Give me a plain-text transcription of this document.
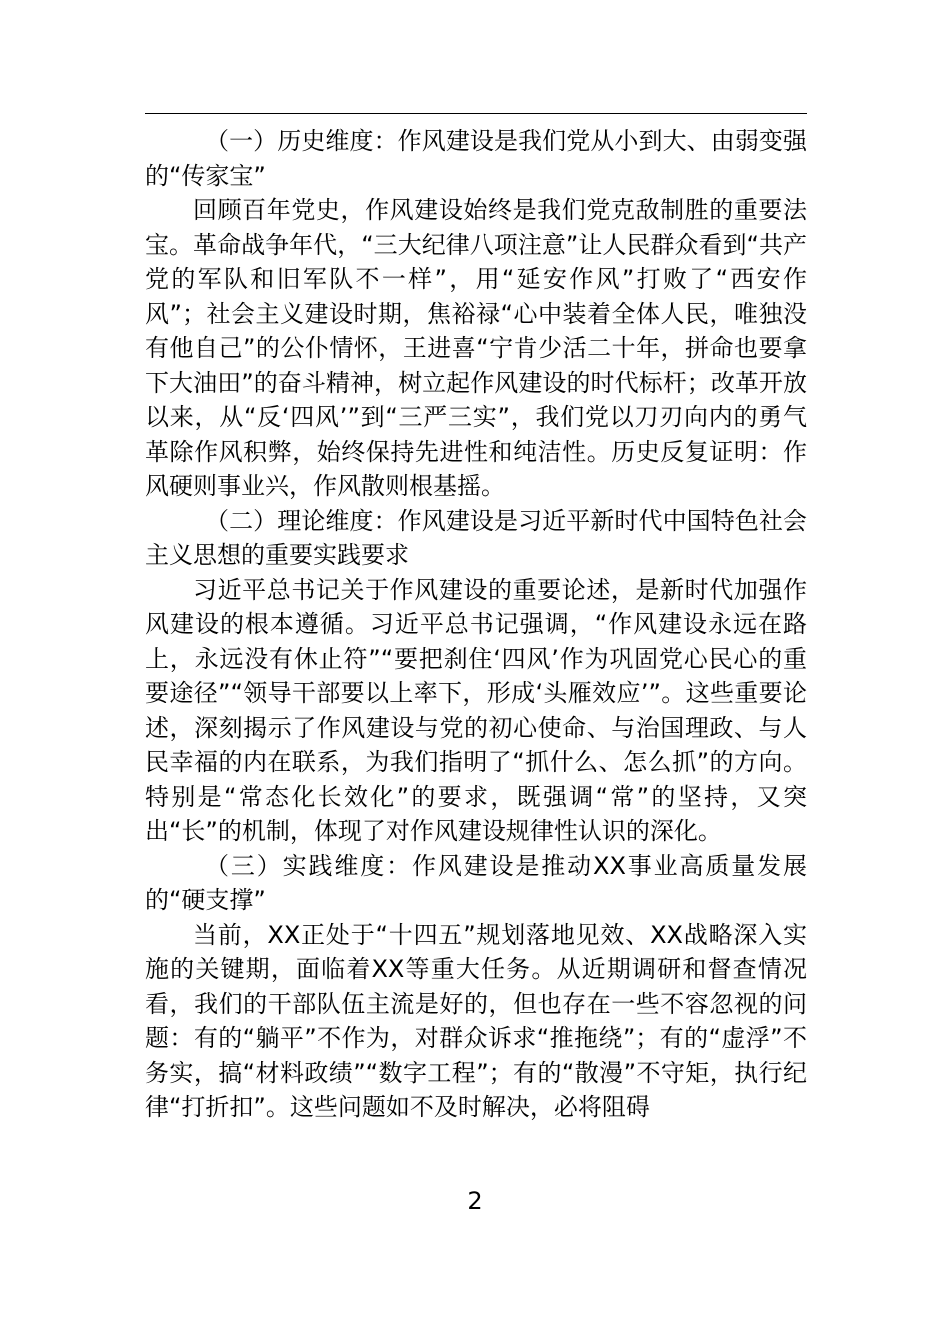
（一）历史维度：作风建设是我们党从小到大、由弱变强的“传家宝”

回顾百年党史，作风建设始终是我们党克敌制胜的重要法宝。革命战争年代，“三大纪律八项注意”让人民群众看到“共产党的军队和旧军队不一样”，用“延安作风”打败了“西安作风”；社会主义建设时期，焦裕禄“心中装着全体人民，唯独没有他自己”的公仆情怀，王进喜“宁肯少活二十年，拼命也要拿下大油田”的奋斗精神，树立起作风建设的时代标杆；改革开放以来，从“反‘四风’”到“三严三实”，我们党以刀刃向内的勇气革除作风积弊，始终保持先进性和纯洁性。历史反复证明：作风硬则事业兴，作风散则根基摇。

（二）理论维度：作风建设是习近平新时代中国特色社会主义思想的重要实践要求

习近平总书记关于作风建设的重要论述，是新时代加强作风建设的根本遵循。习近平总书记强调，“作风建设永远在路上，永远没有休止符”“要把刹住‘四风’作为巩固党心民心的重要途径”“领导干部要以上率下，形成‘头雁效应’”。这些重要论述，深刻揭示了作风建设与党的初心使命、与治国理政、与人民幸福的内在联系，为我们指明了“抓什么、怎么抓”的方向。特别是“常态化长效化”的要求，既强调“常”的坚持，又突出“长”的机制，体现了对作风建设规律性认识的深化。

（三）实践维度：作风建设是推动XX事业高质量发展的“硬支撑”

当前，XX正处于“十四五”规划落地见效、XX战略深入实施的关键期，面临着XX等重大任务。从近期调研和督查情况看，我们的干部队伍主流是好的，但也存在一些不容忽视的问题：有的“躺平”不作为，对群众诉求“推拖绕”；有的“虚浮”不务实，搞“材料政绩”“数字工程”；有的“散漫”不守矩，执行纪律“打折扣”。这些问题如不及时解决，必将阻碍

2
